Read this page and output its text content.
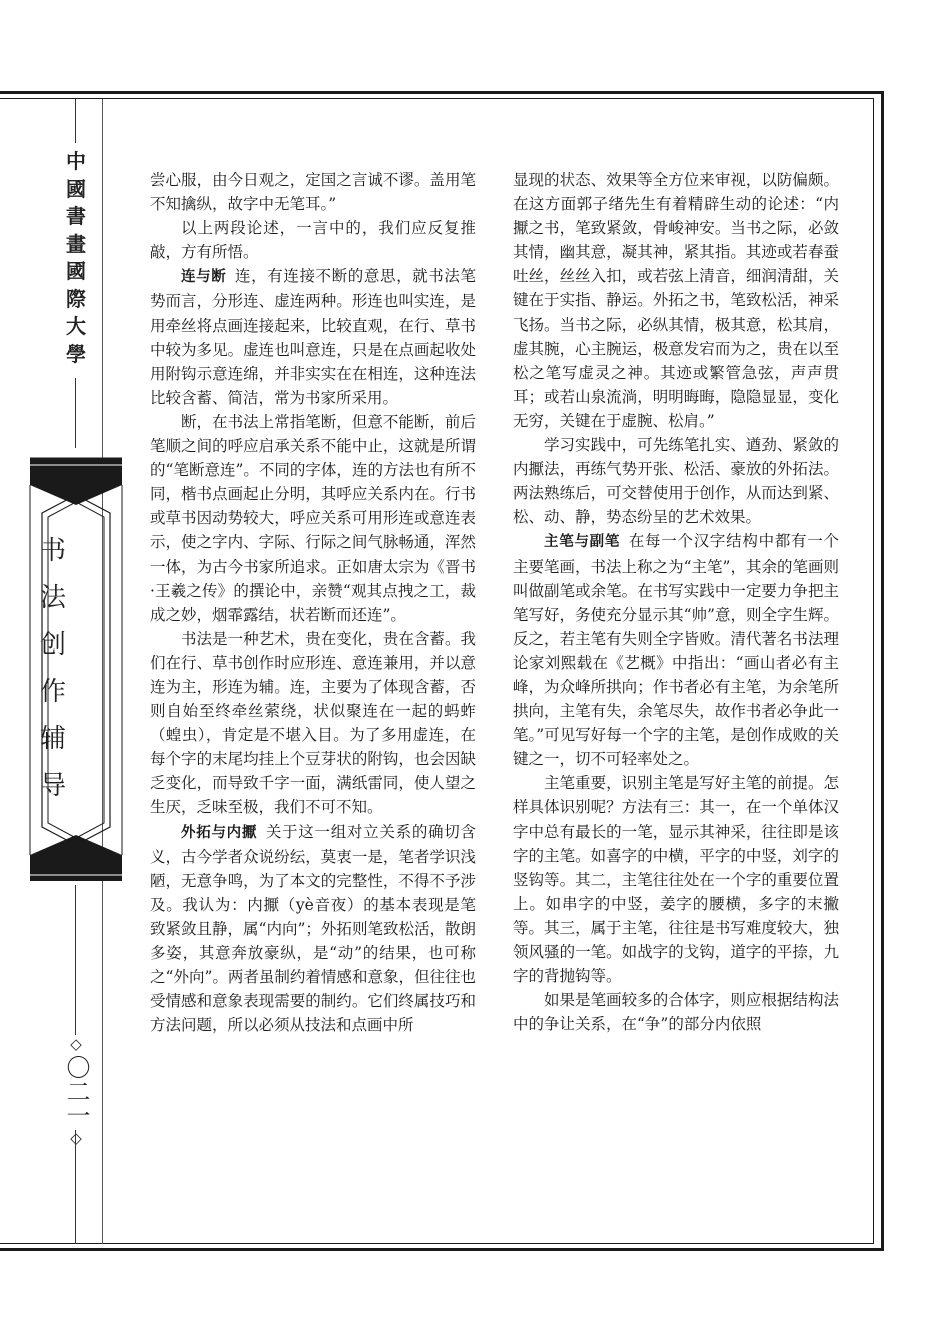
中國書畫國際大學
书法创作辅导
◇
〇二一
◇

尝心服，由今日观之，定国之言诚不谬。盖用笔不知擒纵，故字中无笔耳。”

以上两段论述，一言中的，我们应反复推敲，方有所悟。

连与断 连，有连接不断的意思，就书法笔势而言，分形连、虚连两种。形连也叫实连，是用牵丝将点画连接起来，比较直观，在行、草书中较为多见。虚连也叫意连，只是在点画起收处用附钩示意连绵，并非实实在在相连，这种连法比较含蓄、简洁，常为书家所采用。

断，在书法上常指笔断，但意不能断，前后笔顺之间的呼应启承关系不能中止，这就是所谓的“笔断意连”。不同的字体，连的方法也有所不同，楷书点画起止分明，其呼应关系内在。行书或草书因动势较大，呼应关系可用形连或意连表示，使之字内、字际、行际之间气脉畅通，浑然一体，为古今书家所追求。正如唐太宗为《晋书·王羲之传》的撰论中，亲赞“观其点拽之工，裁成之妙，烟霏露结，状若断而还连”。

书法是一种艺术，贵在变化，贵在含蓄。我们在行、草书创作时应形连、意连兼用，并以意连为主，形连为辅。连，主要为了体现含蓄，否则自始至终牵丝萦绕，状似聚连在一起的蚂蚱（蝗虫），肯定是不堪入目。为了多用虚连，在每个字的末尾均挂上个豆芽状的附钩，也会因缺乏变化，而导致千字一面，满纸雷同，使人望之生厌，乏味至极，我们不可不知。

外拓与内擫 关于这一组对立关系的确切含义，古今学者众说纷纭，莫衷一是，笔者学识浅陋，无意争鸣，为了本文的完整性，不得不予涉及。我认为：内擫（yè音夜）的基本表现是笔致紧敛且静，属“内向”；外拓则笔致松活，散朗多姿，其意奔放豪纵，是“动”的结果，也可称之“外向”。两者虽制约着情感和意象，但往往也受情感和意象表现需要的制约。它们终属技巧和方法问题，所以必须从技法和点画中所

显现的状态、效果等全方位来审视，以防偏颇。在这方面郭子绪先生有着精辟生动的论述：“内擫之书，笔致紧敛，骨峻神安。当书之际，必敛其情，幽其意，凝其神，紧其指。其迹或若春蚕吐丝，丝丝入扣，或若弦上清音，细润清甜，关键在于实指、静运。外拓之书，笔致松活，神采飞扬。当书之际，必纵其情，极其意，松其肩，虚其腕，心主腕运，极意发宕而为之，贵在以至松之笔写虚灵之神。其迹或繁管急弦，声声贯耳；或若山泉流淌，明明晦晦，隐隐显显，变化无穷，关键在于虚腕、松肩。”

学习实践中，可先练笔扎实、遒劲、紧敛的内擫法，再练气势开张、松活、豪放的外拓法。两法熟练后，可交替使用于创作，从而达到紧、松、动、静，势态纷呈的艺术效果。

主笔与副笔 在每一个汉字结构中都有一个主要笔画，书法上称之为“主笔”，其余的笔画则叫做副笔或余笔。在书写实践中一定要力争把主笔写好，务使充分显示其“帅”意，则全字生辉。反之，若主笔有失则全字皆败。清代著名书法理论家刘熙载在《艺概》中指出：“画山者必有主峰，为众峰所拱向；作书者必有主笔，为余笔所拱向，主笔有失，余笔尽失，故作书者必争此一笔。”可见写好每一个字的主笔，是创作成败的关键之一，切不可轻率处之。

主笔重要，识别主笔是写好主笔的前提。怎样具体识别呢？方法有三：其一，在一个单体汉字中总有最长的一笔，显示其神采，往往即是该字的主笔。如喜字的中横，平字的中竖，刘字的竖钩等。其二，主笔往往处在一个字的重要位置上。如串字的中竖，姜字的腰横，多字的末撇等。其三，属于主笔，往往是书写难度较大，独领风骚的一笔。如战字的戈钩，道字的平捺，九字的背抛钩等。

如果是笔画较多的合体字，则应根据结构法中的争让关系，在“争”的部分内依照
